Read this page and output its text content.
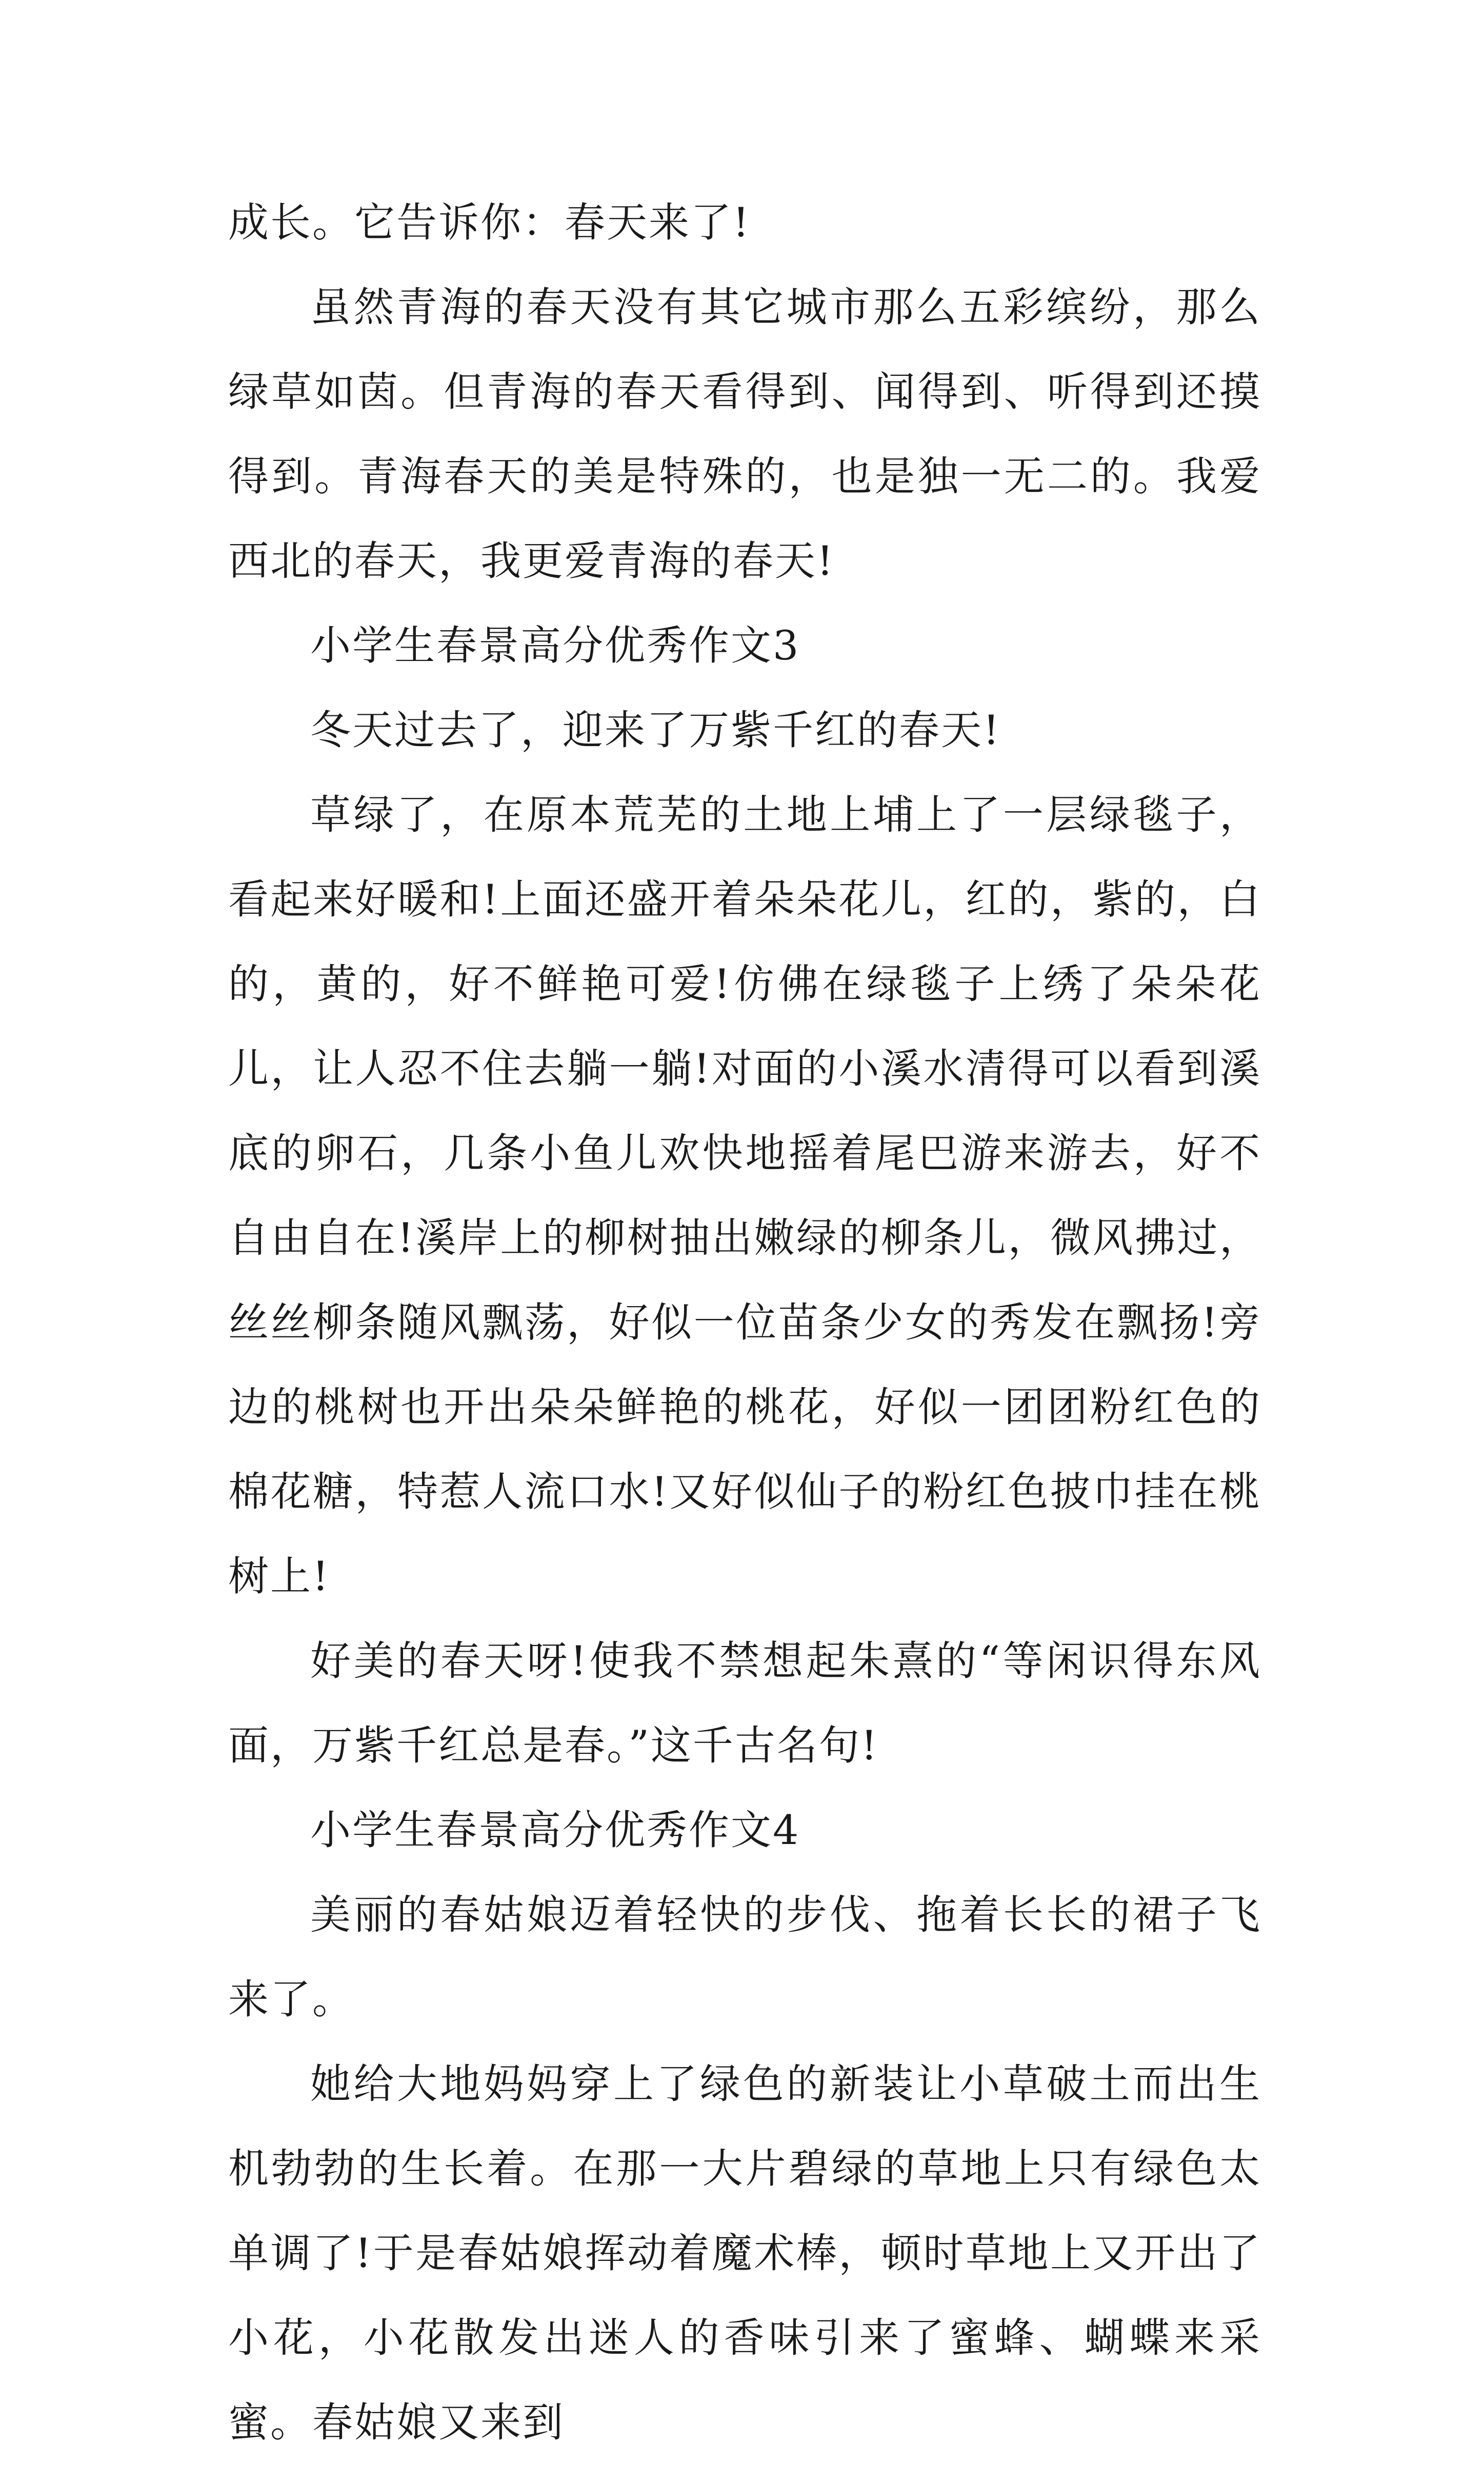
成长。它告诉你：春天来了!

虽然青海的春天没有其它城市那么五彩缤纷，那么绿草如茵。但青海的春天看得到、闻得到、听得到还摸得到。青海春天的美是特殊的，也是独一无二的。我爱西北的春天，我更爱青海的春天!

小学生春景高分优秀作文3

冬天过去了，迎来了万紫千红的春天!

草绿了，在原本荒芜的土地上埔上了一层绿毯子，看起来好暖和!上面还盛开着朵朵花儿，红的，紫的，白的，黄的，好不鲜艳可爱!仿佛在绿毯子上绣了朵朵花儿，让人忍不住去躺一躺!对面的小溪水清得可以看到溪底的卵石，几条小鱼儿欢快地摇着尾巴游来游去，好不自由自在!溪岸上的柳树抽出嫩绿的柳条儿，微风拂过，丝丝柳条随风飘荡，好似一位苗条少女的秀发在飘扬!旁边的桃树也开出朵朵鲜艳的桃花，好似一团团粉红色的棉花糖，特惹人流口水!又好似仙子的粉红色披巾挂在桃树上!

好美的春天呀!使我不禁想起朱熹的“等闲识得东风面，万紫千红总是春。”这千古名句!

小学生春景高分优秀作文4

美丽的春姑娘迈着轻快的步伐、拖着长长的裙子飞来了。

她给大地妈妈穿上了绿色的新装让小草破土而出生机勃勃的生长着。在那一大片碧绿的草地上只有绿色太单调了!于是春姑娘挥动着魔术棒，顿时草地上又开出了小花，小花散发出迷人的香味引来了蜜蜂、蝴蝶来采蜜。春姑娘又来到
